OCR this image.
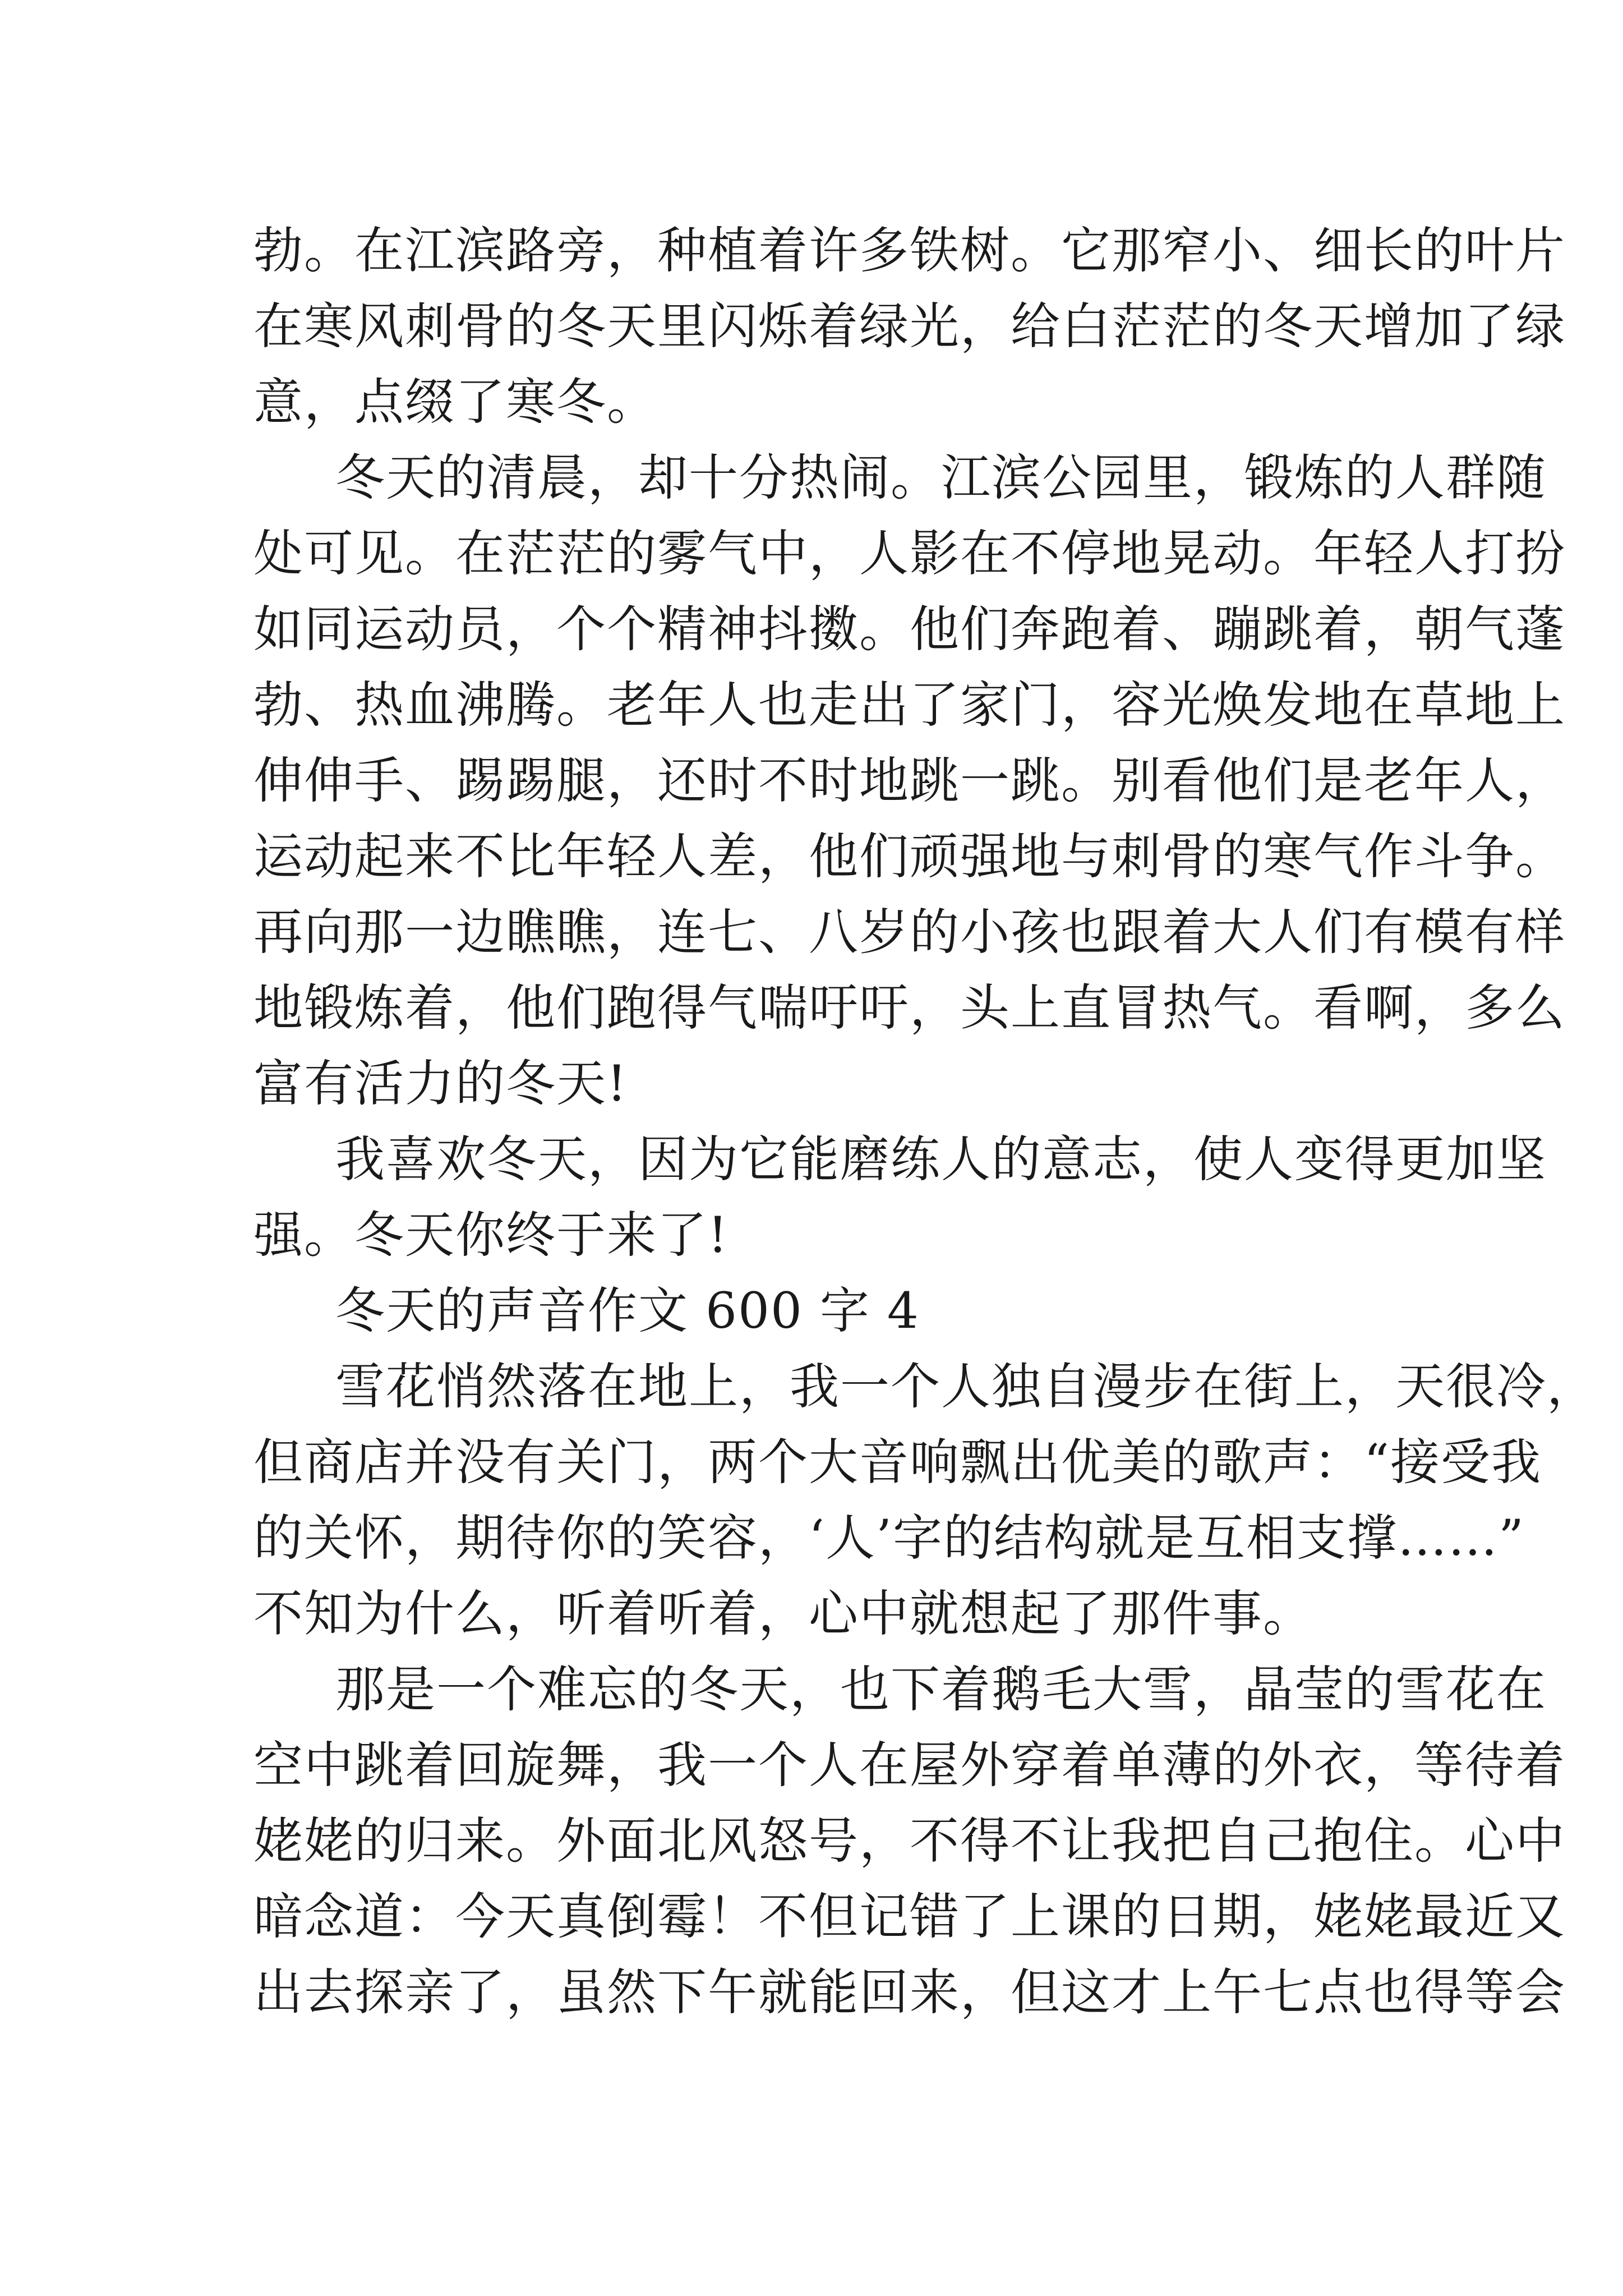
勃。在江滨路旁，种植着许多铁树。它那窄小、细长的叶片
在寒风刺骨的冬天里闪烁着绿光，给白茫茫的冬天增加了绿
意，点缀了寒冬。
冬天的清晨，却十分热闹。江滨公园里，锻炼的人群随
处可见。在茫茫的雾气中，人影在不停地晃动。年轻人打扮
如同运动员，个个精神抖擞。他们奔跑着、蹦跳着，朝气蓬
勃、热血沸腾。老年人也走出了家门，容光焕发地在草地上
伸伸手、踢踢腿，还时不时地跳一跳。别看他们是老年人，
运动起来不比年轻人差，他们顽强地与刺骨的寒气作斗争。
再向那一边瞧瞧，连七、八岁的小孩也跟着大人们有模有样
地锻炼着，他们跑得气喘吁吁，头上直冒热气。看啊，多么
富有活力的冬天!
我喜欢冬天，因为它能磨练人的意志，使人变得更加坚
强。冬天你终于来了!
冬天的声音作文 600 字 4
雪花悄然落在地上，我一个人独自漫步在街上，天很冷，
但商店并没有关门，两个大音响飘出优美的歌声：“接受我
的关怀，期待你的笑容，‘人’字的结构就是互相支撑……”
不知为什么，听着听着，心中就想起了那件事。
那是一个难忘的冬天，也下着鹅毛大雪，晶莹的雪花在
空中跳着回旋舞，我一个人在屋外穿着单薄的外衣，等待着
姥姥的归来。外面北风怒号，不得不让我把自己抱住。心中
暗念道：今天真倒霉！不但记错了上课的日期，姥姥最近又
出去探亲了，虽然下午就能回来，但这才上午七点也得等会
